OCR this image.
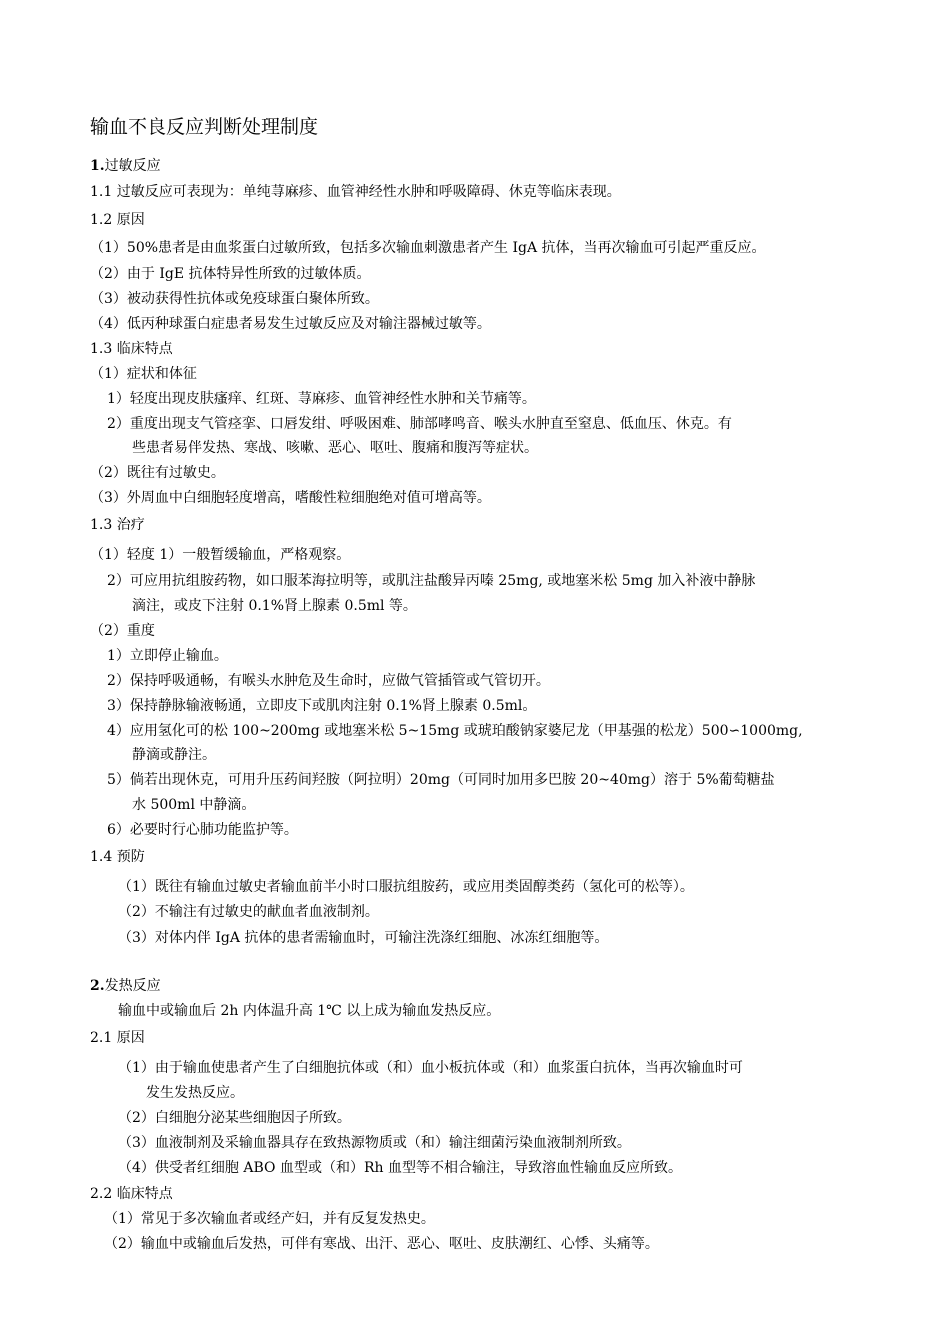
输血不良反应判断处理制度
1.过敏反应
1.1 过敏反应可表现为：单纯荨麻疹、血管神经性水肿和呼吸障碍、休克等临床表现。
1.2 原因
（1）50%患者是由血浆蛋白过敏所致，包括多次输血刺激患者产生 IgA 抗体，当再次输血可引起严重反应。
（2）由于 IgE 抗体特异性所致的过敏体质。
（3）被动获得性抗体或免疫球蛋白聚体所致。
（4）低丙种球蛋白症患者易发生过敏反应及对输注器械过敏等。
1.3 临床特点
（1）症状和体征
1）轻度出现皮肤瘙痒、红斑、荨麻疹、血管神经性水肿和关节痛等。
2）重度出现支气管痉挛、口唇发绀、呼吸困难、肺部哮鸣音、喉头水肿直至窒息、低血压、休克。有
些患者易伴发热、寒战、咳嗽、恶心、呕吐、腹痛和腹泻等症状。
（2）既往有过敏史。
（3）外周血中白细胞轻度增高，嗜酸性粒细胞绝对值可增高等。
1.3 治疗
（1）轻度 1）一般暂缓输血，严格观察。
2）可应用抗组胺药物，如口服苯海拉明等，或肌注盐酸异丙嗪 25mg, 或地塞米松 5mg 加入补液中静脉
滴注，或皮下注射 0.1%肾上腺素 0.5ml 等。
（2）重度
1）立即停止输血。
2）保持呼吸通畅，有喉头水肿危及生命时，应做气管插管或气管切开。
3）保持静脉输液畅通，立即皮下或肌肉注射 0.1%肾上腺素 0.5ml。
4）应用氢化可的松 100~200mg 或地塞米松 5~15mg 或琥珀酸钠家婆尼龙（甲基强的松龙）500∽1000mg,
静滴或静注。
5）倘若出现休克，可用升压药间羟胺（阿拉明）20mg（可同时加用多巴胺 20~40mg）溶于 5%葡萄糖盐
水 500ml 中静滴。
6）必要时行心肺功能监护等。
1.4 预防
（1）既往有输血过敏史者输血前半小时口服抗组胺药，或应用类固醇类药（氢化可的松等）。
（2）不输注有过敏史的献血者血液制剂。
（3）对体内伴 IgA 抗体的患者需输血时，可输注洗涤红细胞、冰冻红细胞等。
2.发热反应
输血中或输血后 2h 内体温升高 1℃ 以上成为输血发热反应。
2.1 原因
（1）由于输血使患者产生了白细胞抗体或（和）血小板抗体或（和）血浆蛋白抗体，当再次输血时可
发生发热反应。
（2）白细胞分泌某些细胞因子所致。
（3）血液制剂及采输血器具存在致热源物质或（和）输注细菌污染血液制剂所致。
（4）供受者红细胞 ABO 血型或（和）Rh 血型等不相合输注，导致溶血性输血反应所致。
2.2 临床特点
（1）常见于多次输血者或经产妇，并有反复发热史。
（2）输血中或输血后发热，可伴有寒战、出汗、恶心、呕吐、皮肤潮红、心悸、头痛等。
